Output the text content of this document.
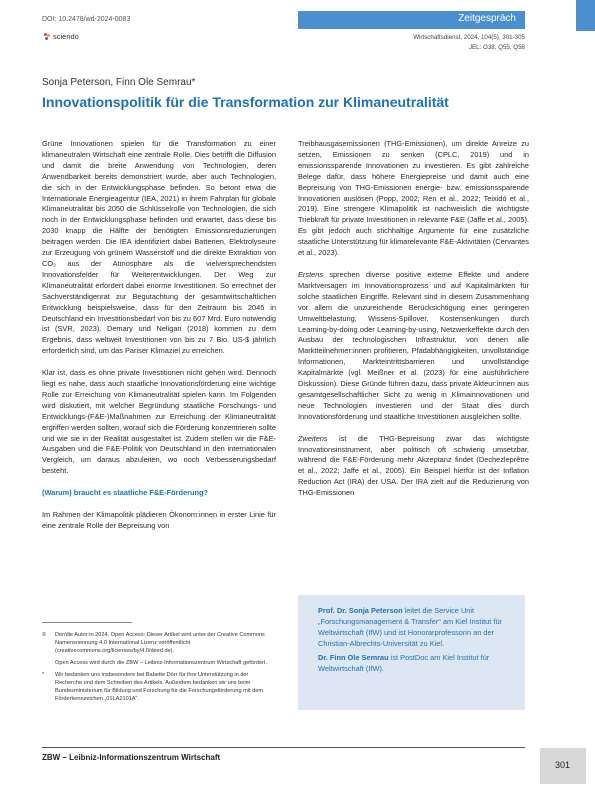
DOI: 10.2478/wd-2024-0083
sciendo
Zeitgespräch
Wirtschaftsdienst, 2024, 104(5), 301-305
JEL: O38, Q55, Q58
Sonja Peterson, Finn Ole Semrau*
Innovationspolitik für die Transformation zur Klimaneutralität

Grüne Innovationen spielen für die Transformation zu einer klimaneutralen Wirtschaft eine zentrale Rolle. Dies betrifft die Diffusion und damit die breite Anwendung von Technologien, deren Anwendbarkeit bereits demonstriert wurde, aber auch Technologien, die sich in der Entwicklungsphase befinden. So betont etwa die Internationale Energieagentur (IEA, 2021) in ihrem Fahrplan für globale Klimaneutralität bis 2050 die Schlüsselrolle von Technologien, die sich noch in der Entwicklungsphase befinden und erwartet, dass diese bis 2030 knapp die Hälfte der benötigten Emissionsreduzierungen beitragen werden. Die IEA identifiziert dabei Batterien, Elektrolyseure zur Erzeugung von grünem Wasserstoff und die direkte Extraktion von CO₂ aus der Atmosphäre als die vielversprechendsten Innovationsfelder für Weiterentwicklungen. Der Weg zur Klimaneutralität erfordert dabei enorme Investitionen. So errechnet der Sachverständigenrat zur Begutachtung der gesamtwirtschaftlichen Entwicklung beispielsweise, dass für den Zeitraum bis 2045 in Deutschland ein Investitionsbedarf von bis zu 607 Mrd. Euro notwendig ist (SVR, 2023). Demary und Neligan (2018) kommen zu dem Ergebnis, dass weltweit Investitionen von bis zu 7 Bio. US-$ jährlich erforderlich sind, um das Pariser Klimaziel zu erreichen.

Klar ist, dass es ohne private Investitionen nicht gehen wird. Dennoch liegt es nahe, dass auch staatliche Innovationsförderung eine wichtige Rolle zur Erreichung von Klimaneutralität spielen kann. Im Folgenden wird diskutiert, mit welcher Begründung staatliche Forschungs- und Entwicklungs-(F&E-)Maßnahmen zur Erreichung der Klimaneutralität ergriffen werden sollten, worauf sich die Förderung konzentrieren sollte und wie sie in der Realität ausgestaltet ist. Zudem stellen wir die F&E-Ausgaben und die F&E-Politik von Deutschland in den internationalen Vergleich, um daraus abzuleiten, wo noch Verbesserungsbedarf besteht.

(Warum) braucht es staatliche F&E-Förderung?

Im Rahmen der Klimapolitik plädieren Ökonom:innen in erster Linie für eine zentrale Rolle der Bepreisung von

Treibhausgasemissionen (THG-Emissionen), um direkte Anreize zu setzen, Emissionen zu senken (CPLC, 2019) und in emissionssparende Innovationen zu investieren. Es gibt zahlreiche Belege dafür, dass höhere Energiepreise und damit auch eine Bepreisung von THG-Emissionen energie- bzw. emissionssparende Innovationen auslösen (Popp, 2002; Ren et al., 2022; Teixidó et al., 2019). Eine strengere Klimapolitik ist nachweislich die wichtigste Triebkraft für private Investitionen in relevante F&E (Jaffe et al., 2005). Es gibt jedoch auch stichhaltige Argumente für eine zusätzliche staatliche Unterstützung für klimarelevante F&E-Aktivitäten (Cervantes et al., 2023).

Erstens sprechen diverse positive externe Effekte und andere Marktversagen im Innovationsprozess und auf Kapitalmärkten für solche staatlichen Eingriffe. Relevant sind in diesem Zusammenhang vor allem die unzureichende Berücksichtigung einer geringeren Umweltbelastung, Wissens-Spillover, Kostensenkungen durch Learning-by-doing oder Learning-by-using, Netzwerkeffekte durch den Ausbau der technologischen Infrastruktur, von denen alle Marktteilnehmer:innen profitieren, Pfadabhängigkeiten, unvollständige Informationen, Markteintrittsbarrieren und unvollständige Kapitalmärkte (vgl. Meißner et al. (2023) für eine ausführlichere Diskussion). Diese Gründe führen dazu, dass private Akteur:innen aus gesamtgesellschaftlicher Sicht zu wenig in Klimainnovationen und neue Technologien investieren und der Staat dies durch Innovationsförderung und staatliche Investitionen ausgleichen sollte.

Zweitens ist die THG-Bepreisung zwar das wichtigste Innovationsinstrument, aber politisch oft schwierig umsetzbar, während die F&E-Förderung mehr Akzeptanz findet (Dechezleprêtre et al., 2022; Jaffe et al., 2005). Ein Beispiel hierfür ist der Inflation Reduction Act (IRA) der USA. Der IRA zielt auf die Reduzierung von THG-Emissionen

©	Der/die Autor:in 2024. Open Access: Dieser Artikel wird unter der Creative Commons Namensnennung 4.0 International Lizenz veröffentlicht (creativecommons.org/licenses/by/4.0/deed.de).
Open Access wird durch die ZBW – Leibniz-Informationszentrum Wirtschaft gefördert.
*	Wir bedanken uns insbesondere bei Babette Dörr für ihre Unterstützung in der Recherche und dem Schreiben des Artikels. Außerdem bedanken wir uns beim Bundesministerium für Bildung und Forschung für die Forschungsförderung mit dem Förderkennzeichen „01LA2101A“.
Prof. Dr. Sonja Peterson leitet die Service Unit „Forschungsmanagement & Transfer“ am Kiel Institut für Weltwirtschaft (IfW) und ist Honorarprofessorin an der Christian-Albrechts-Universität zu Kiel.
Dr. Finn Ole Semrau ist PostDoc am Kiel Institut für Weltwirtschaft (IfW).
ZBW – Leibniz-Informationszentrum Wirtschaft
301
